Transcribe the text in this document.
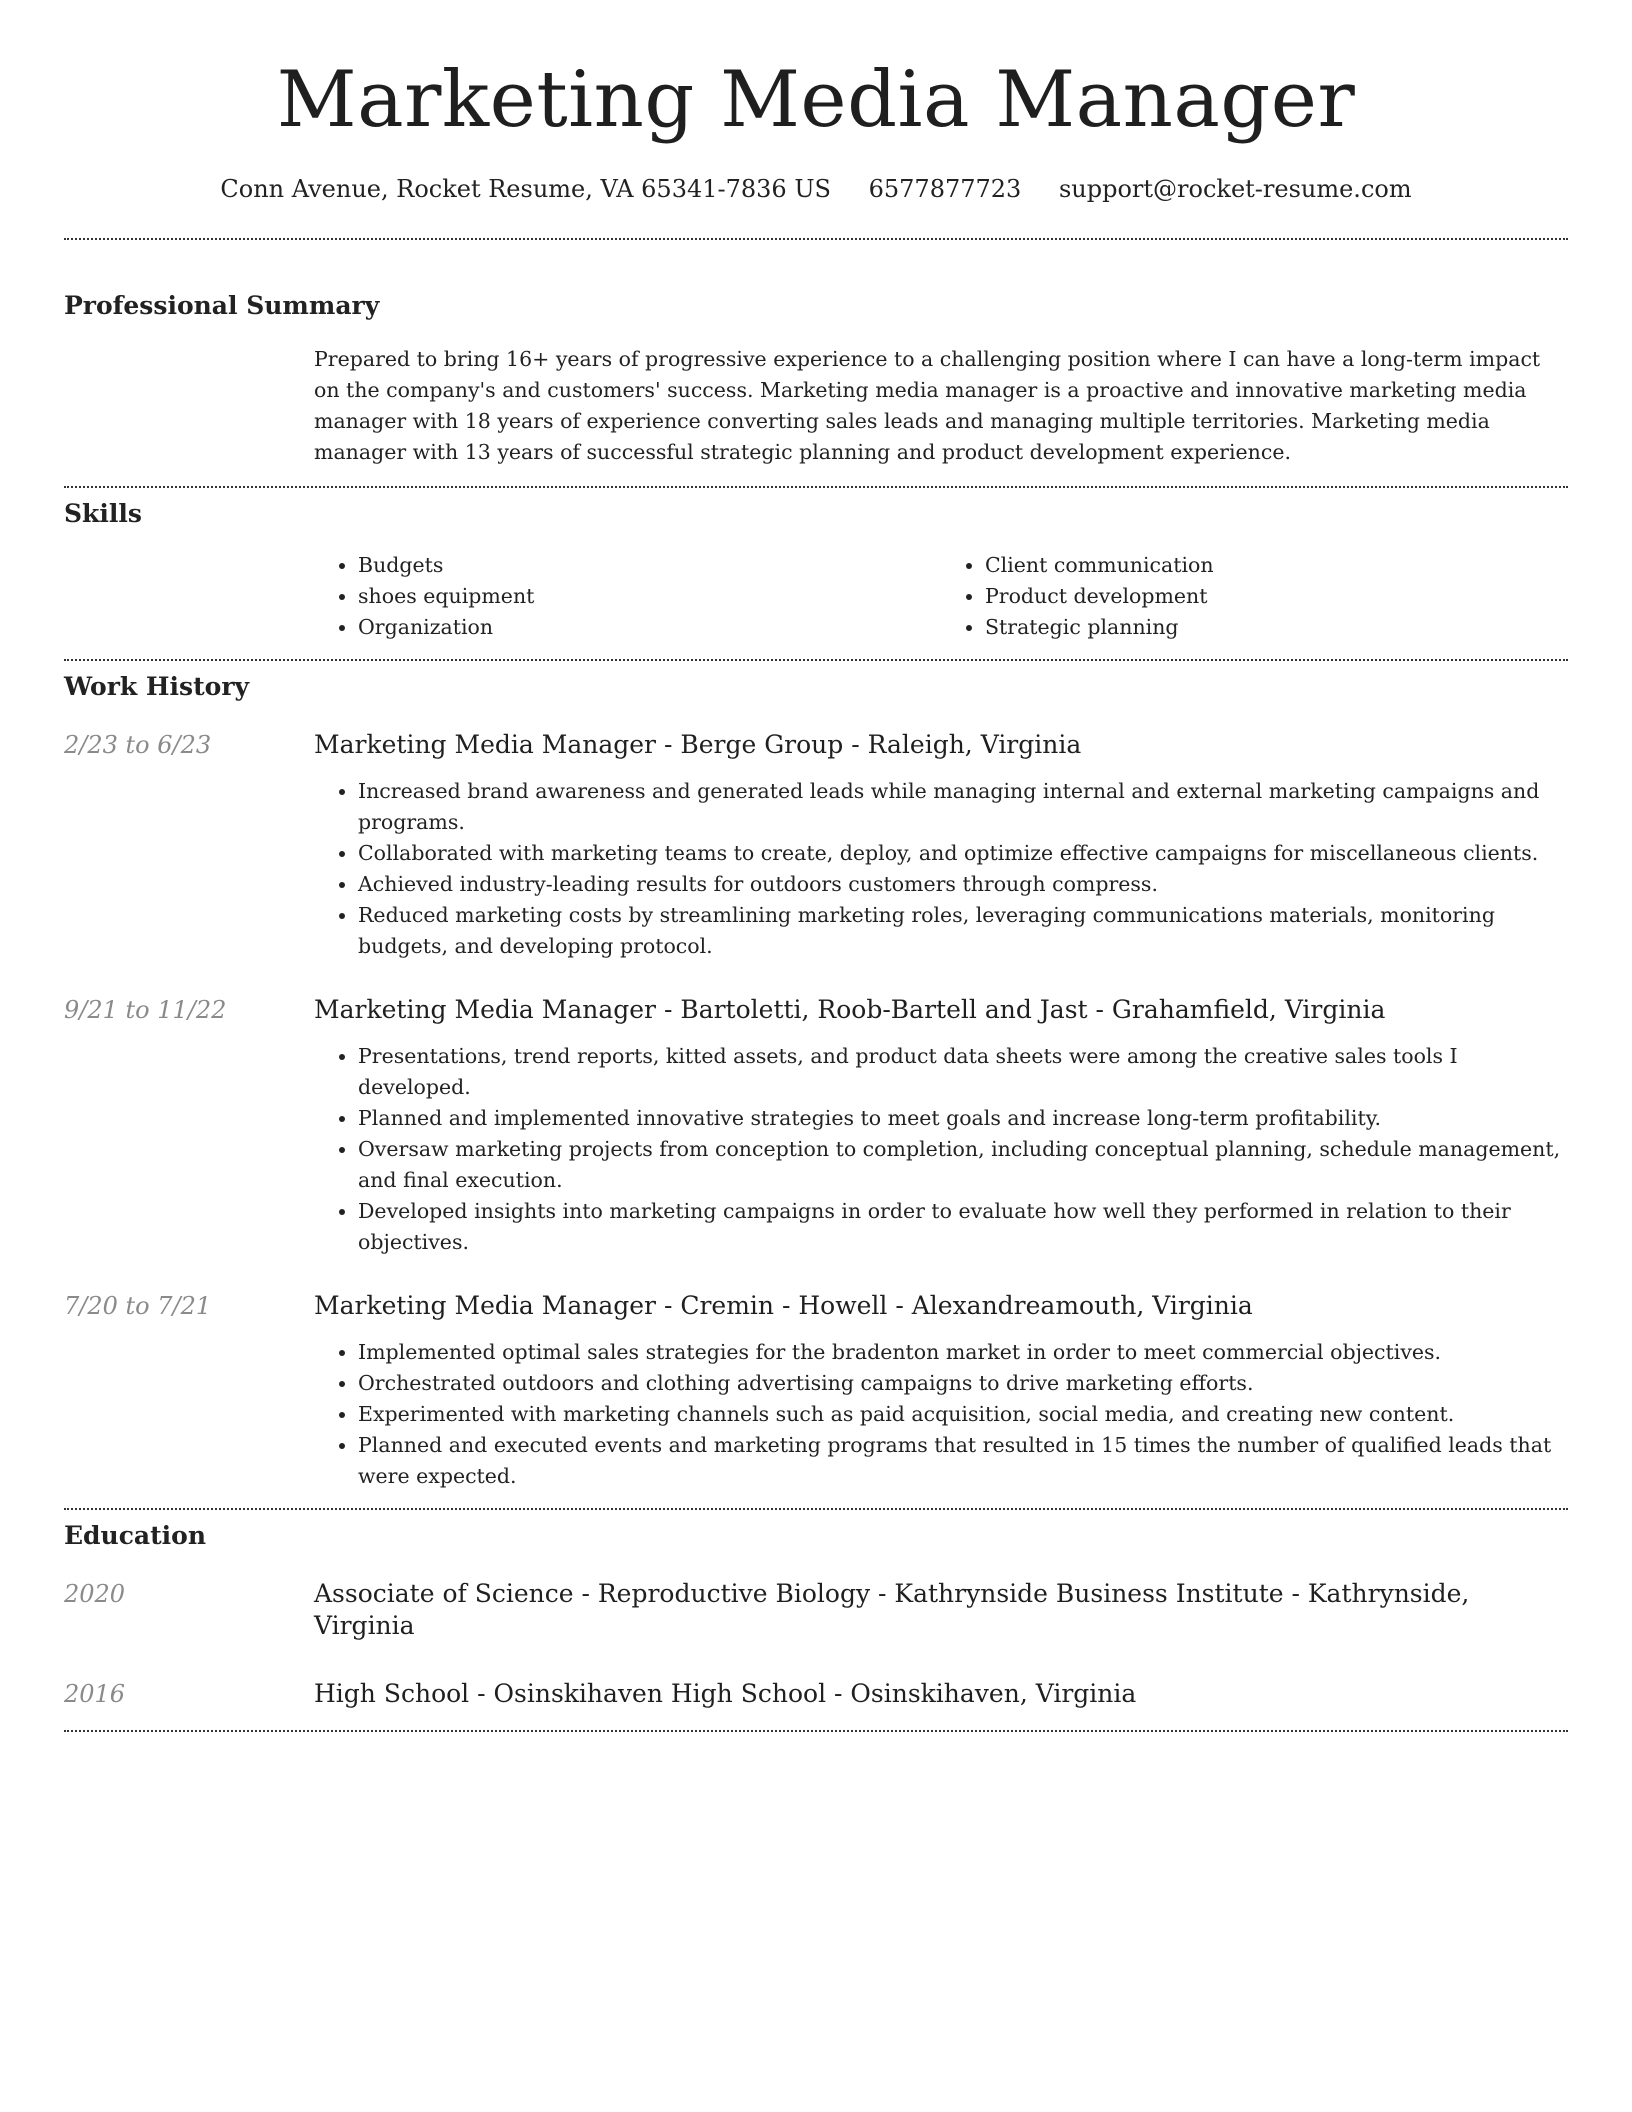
Marketing Media Manager
Conn Avenue, Rocket Resume, VA 65341-7836 US 6577877723 support@rocket-resume.com
Professional Summary

Prepared to bring 16+ years of progressive experience to a challenging position where I can have a long-term impact on the company's and customers' success. Marketing media manager is a proactive and innovative marketing media manager with 18 years of experience converting sales leads and managing multiple territories. Marketing media manager with 13 years of successful strategic planning and product development experience.

Skills
• Budgets
• shoes equipment
• Organization
• Client communication
• Product development
• Strategic planning
Work History
2/23 to 6/23	Marketing Media Manager - Berge Group - Raleigh, Virginia
• Increased brand awareness and generated leads while managing internal and external marketing campaigns and programs.
• Collaborated with marketing teams to create, deploy, and optimize effective campaigns for miscellaneous clients.
• Achieved industry-leading results for outdoors customers through compress.
• Reduced marketing costs by streamlining marketing roles, leveraging communications materials, monitoring budgets, and developing protocol.
9/21 to 11/22	Marketing Media Manager - Bartoletti, Roob-Bartell and Jast - Grahamfield, Virginia
• Presentations, trend reports, kitted assets, and product data sheets were among the creative sales tools I developed.
• Planned and implemented innovative strategies to meet goals and increase long-term profitability.
• Oversaw marketing projects from conception to completion, including conceptual planning, schedule management, and final execution.
• Developed insights into marketing campaigns in order to evaluate how well they performed in relation to their objectives.
7/20 to 7/21	Marketing Media Manager - Cremin - Howell - Alexandreamouth, Virginia
• Implemented optimal sales strategies for the bradenton market in order to meet commercial objectives.
• Orchestrated outdoors and clothing advertising campaigns to drive marketing efforts.
• Experimented with marketing channels such as paid acquisition, social media, and creating new content.
• Planned and executed events and marketing programs that resulted in 15 times the number of qualified leads that were expected.
Education
2020	Associate of Science - Reproductive Biology - Kathrynside Business Institute - Kathrynside, Virginia
2016	High School - Osinskihaven High School - Osinskihaven, Virginia
